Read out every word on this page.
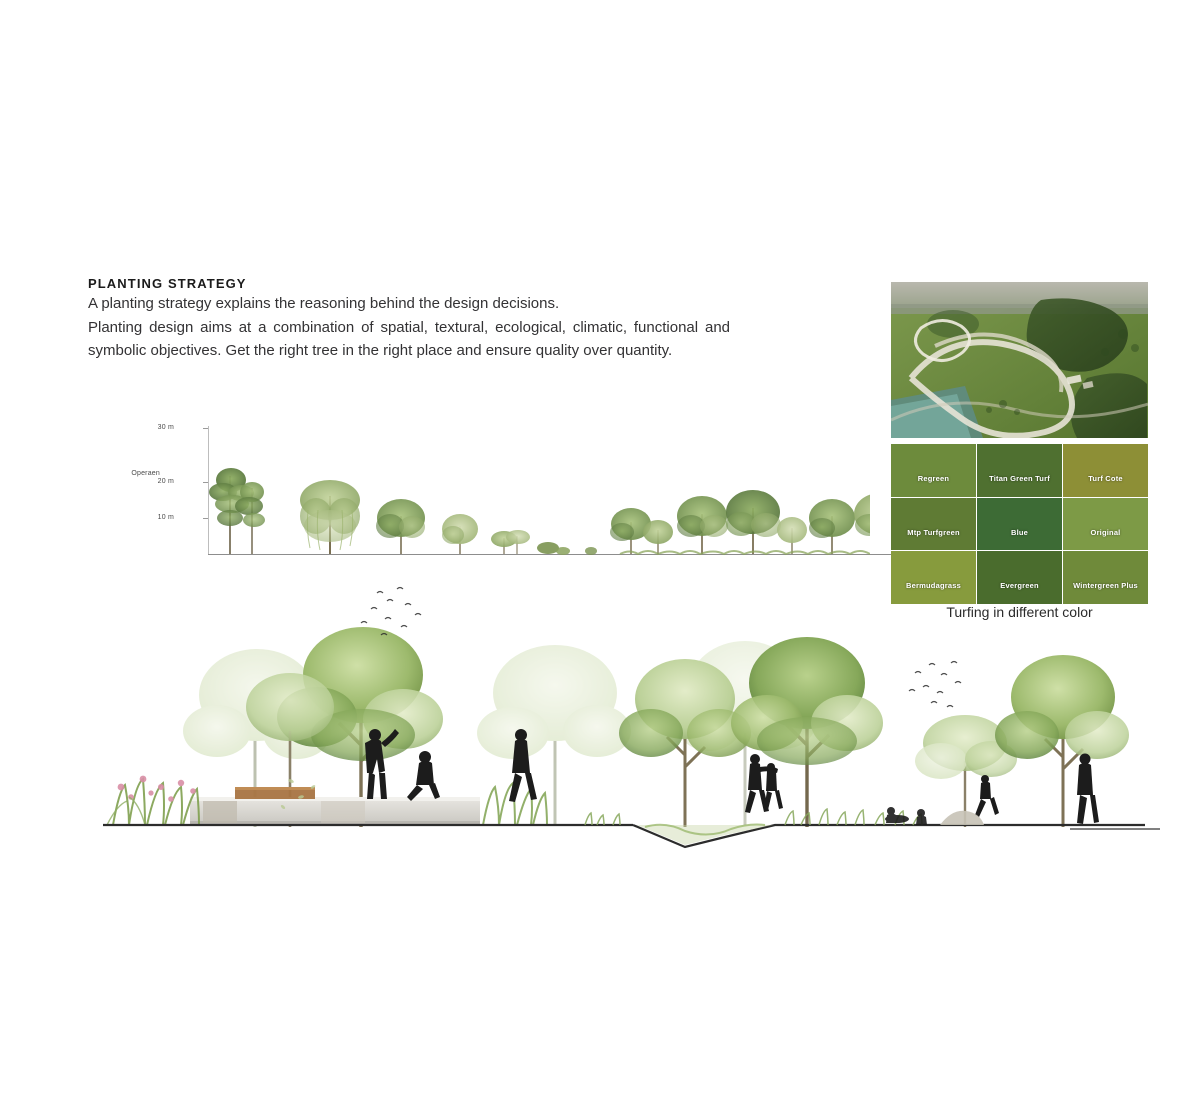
PLANTING STRATEGY

A planting strategy explains the reasoning behind the design decisions.

Planting design aims at a combination of spatial, textural, ecological, climatic, functional and symbolic objectives. Get the right tree in the right place and ensure quality over quantity.

30 m
Operaen
20 m
10 m
Regreen	Titan Green Turf	Turf Cote
Mtp Turfgreen	Blue	Original
Bermudagrass	Evergreen	Wintergreen Plus
Turfing in different color
